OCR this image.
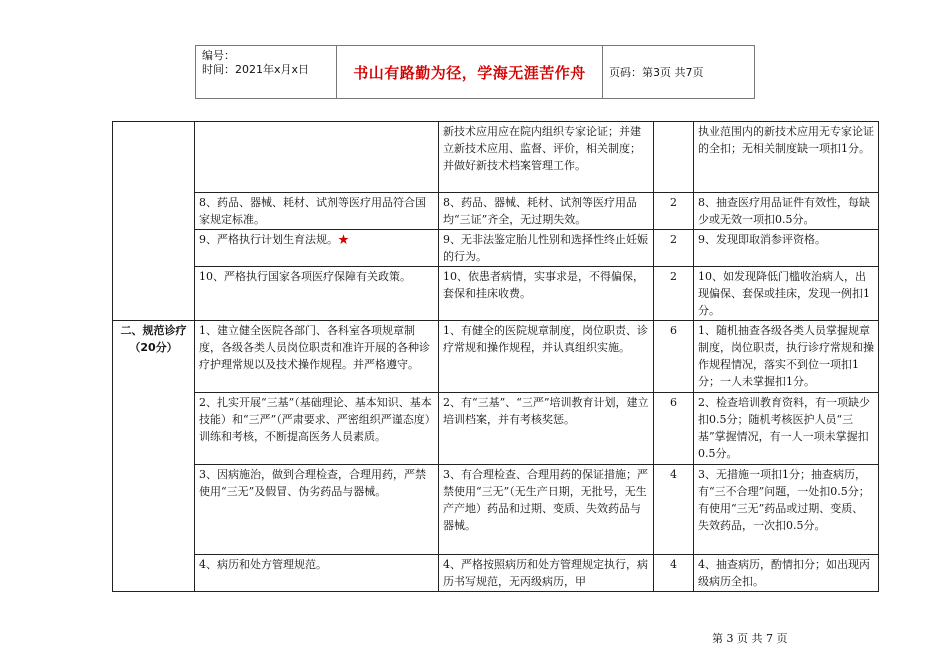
编号：
时间：2021年x月x日	书山有路勤为径，学海无涯苦作舟	页码：第3页 共7页
		新技术应用应在院内组织专家论证；并建立新技术应用、监督、评价，相关制度；并做好新技术档案管理工作。		执业范围内的新技术应用无专家论证的全扣；无相关制度缺一项扣1分。
	8、药品、器械、耗材、试剂等医疗用品符合国家规定标准。	8、药品、器械、耗材、试剂等医疗用品均“三证”齐全，无过期失效。	2	8、抽查医疗用品证件有效性，每缺少或无效一项扣0.5分。
	9、严格执行计划生育法规。★	9、无非法鉴定胎儿性别和选择性终止妊娠的行为。	2	9、发现即取消参评资格。
	10、严格执行国家各项医疗保障有关政策。	10、依患者病情，实事求是，不得偏保，套保和挂床收费。	2	10、如发现降低门槛收治病人，出现偏保、套保或挂床，发现一例扣1分。

二、规范诊疗
（20分）	1、建立健全医院各部门、各科室各项规章制度，各级各类人员岗位职责和准许开展的各种诊疗护理常规以及技术操作规程。并严格遵守。	1、有健全的医院规章制度，岗位职责、诊疗常规和操作规程，并认真组织实施。	6	1、随机抽查各级各类人员掌握规章制度，岗位职责，执行诊疗常规和操作规程情况，落实不到位一项扣1分；一人未掌握扣1分。
	2、扎实开展“三基”（基础理论、基本知识、基本技能）和“三严”（严肃要求、严密组织严谨态度）训练和考核，不断提高医务人员素质。	2、有“三基”、“三严”培训教育计划，建立培训档案，并有考核奖惩。	6	2、检查培训教育资料，有一项缺少扣0.5分；随机考核医护人员“三基”掌握情况，有一人一项未掌握扣0.5分。
	3、因病施治，做到合理检查，合理用药，严禁使用“三无”及假冒、伪劣药品与器械。	3、有合理检查、合理用药的保证措施；严禁使用“三无”（无生产日期，无批号，无生产产地）药品和过期、变质、失效药品与器械。	4	3、无措施一项扣1分；抽查病历，有“三不合理”问题，一处扣0.5分；有使用“三无”药品或过期、变质、失效药品，一次扣0.5分。
	4、病历和处方管理规范。	4、严格按照病历和处方管理规定执行，病历书写规范，无丙级病历，甲	4	4、抽查病历，酌情扣分；如出现丙级病历全扣。
第 3 页 共 7 页
